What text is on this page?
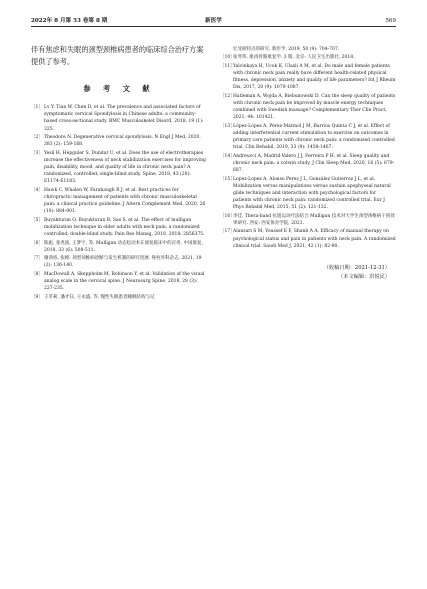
2022年 8 月第 53 卷第 8 期	新医学	569

伴有焦虑和失眠的颈型颈椎病患者的临床综合治疗方案提供了参考。

参 考 文 献
［1］ Lv Y, Tian W, Chen D, et al. The prevalence and associated factors of symptomatic cervical Spondylosis in Chinese adults: a community-based cross-sectional study. BMC Musculoskelet Disord, 2018, 19 (1): 325.
［2］ Theodore N. Degenerative cervical spondylosis. N Engl J Med, 2020, 383 (2): 159-168.
［3］ Yesil H, Hepguler S, Dundar U, et al. Does the use of electrotherapies increase the effectiveness of neck stabilization exercises for improving pain, disability, mood, and quality of life in chronic neck pain? A randomized, controlled, single-blind study. Spine, 2018, 43 (20): E1174-E1183.
［4］ Hawk C, Whalen W, Farabaugh R J, et al. Best practices for chiropractic management of patients with chronic musculoskeletal pain: a clinical practice guideline. J Altern Complement Med, 2020, 26 (10): 884-901.
［5］ Buyukturan O, Buyukturan B, Sas S, et al. The effect of mulligan mobilization technique in older adults with neck pain: a randomized controlled, double-blind study. Pain Res Manag, 2018, 2018: 2856375.
［6］ 陈彪, 张兆波, 王梦宇, 等. Mulligan 动态松动术在康复临床中的应用. 中国康复, 2018, 33 (6): 508-511.
［7］ 谢鸿烁, 张樟. 颈型颈椎病诊断与发生机制的研究进展. 脊柱外科杂志, 2021, 19 (2): 136-140.
［8］ MacDowall A, Skeppholm M, Robinson Y, et al. Validation of the visual analog scale in the cervical spine. J Neurosurg Spine, 2018, 28 (3): 227-235.
［9］ 王苹莉, 潘才钰, 王永盛, 等. 慢性失眠患者睡眠结构与记
忆受损特点的研究. 新医学, 2019, 50 (9): 704-707.
［10］
张琴伟. 肌肉骨骼康复学. 3 版. 北京: 人民卫生出版社, 2018.
［11］
Yalcinkaya H, Ucok K, Ulasli A M, et al. Do male and female patients with chronic neck pain really have different health-related physical fitness, depression, anxiety and quality of life parameters? Int J Rheum Dis, 2017, 20 (9): 1079-1087.
［12］
Hatleman A, Wojda A, Biebunowski D. Can the sleep quality of patients with chronic neck pain be improved by muscle energy techniques combined with Swedish massage? Complementary Ther Clin Pract, 2021, 44: 101421.
［13］
López-López A, Pérez-Mármol J M, Barrios Quinta C J, et al. Effect of adding interferential current stimulation to exercise on outcomes in primary care patients with chronic neck pain: a randomized controlled trial. Clin Rehabil, 2019, 33 (9): 1458-1467.
［14］
Andreucci A, Madrid-Valero J J, Ferreira P H, et al. Sleep quality and chronic neck pain: a cotwin study. J Clin Sleep Med, 2020, 16 (5): 679-687.
［15］
Lopez-Lopez A, Alonso Perez J L, González Gutierrez J L, et al. Mobilization versus manipulations versus sustain apophyseal natural glide techniques and interaction with psychological factors for patients with chronic neck pain: randomized controlled trial. Eur J Phys Rehabil Med, 2015, 51 (2): 121-132.
［16］
李佳. Thera-band 抗阻运动疗法结合 Mulligan 技术对大学生颈型颈椎病干预效果研究. 西安: 西安体育学院, 2021.
［17］
Alansari S M, Youssef E F, Shanb A A. Efficacy of manual therapy on psychological status and pain in patients with neck pain. A randomized clinical trial. Saudi Med J, 2021, 42 (1): 82-90.
（收稿日期：2021-12-31）
（本文编辑：洪悦民）
